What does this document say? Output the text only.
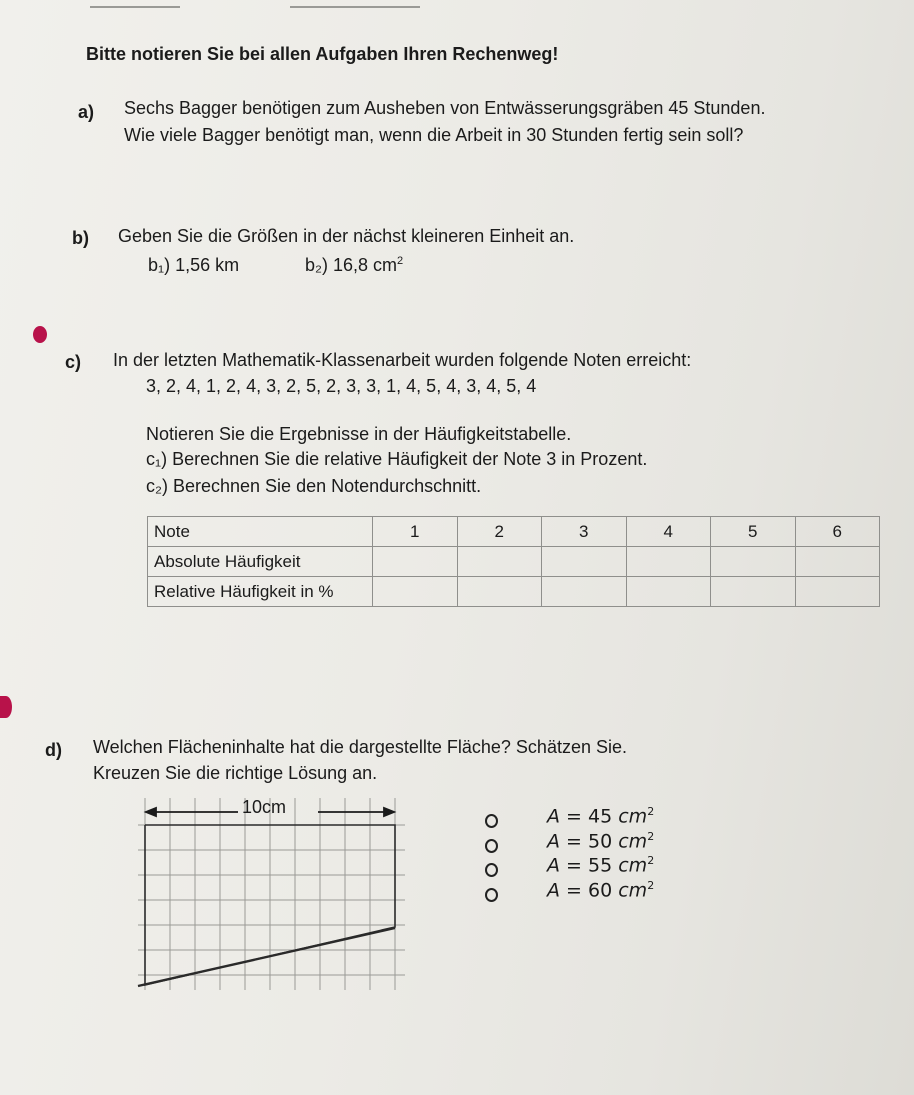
Bitte notieren Sie bei allen Aufgaben Ihren Rechenweg!
a) Sechs Bagger benötigen zum Ausheben von Entwässerungsgräben 45 Stunden.
Wie viele Bagger benötigt man, wenn die Arbeit in 30 Stunden fertig sein soll?
b) Geben Sie die Größen in der nächst kleineren Einheit an.
b₁) 1,56 km	b₂) 16,8 $cm^2$
c) In der letzten Mathematik-Klassenarbeit wurden folgende Noten erreicht:
3, 2, 4, 1, 2, 4, 3, 2, 5, 2, 3, 3, 1, 4, 5, 4, 3, 4, 5, 4
Notieren Sie die Ergebnisse in der Häufigkeitstabelle.
c₁) Berechnen Sie die relative Häufigkeit der Note 3 in Prozent.
c₂) Berechnen Sie den Notendurchschnitt.
Note	1	2	3	4	5	6
Absolute Häufigkeit						
Relative Häufigkeit in %						
d) Welchen Flächeninhalte hat die dargestellte Fläche? Schätzen Sie.
Kreuzen Sie die richtige Lösung an.
10cm	A = 45 $cm^2$
A = 50 $cm^2$
A = 55 $cm^2$
A = 60 $cm^2$
